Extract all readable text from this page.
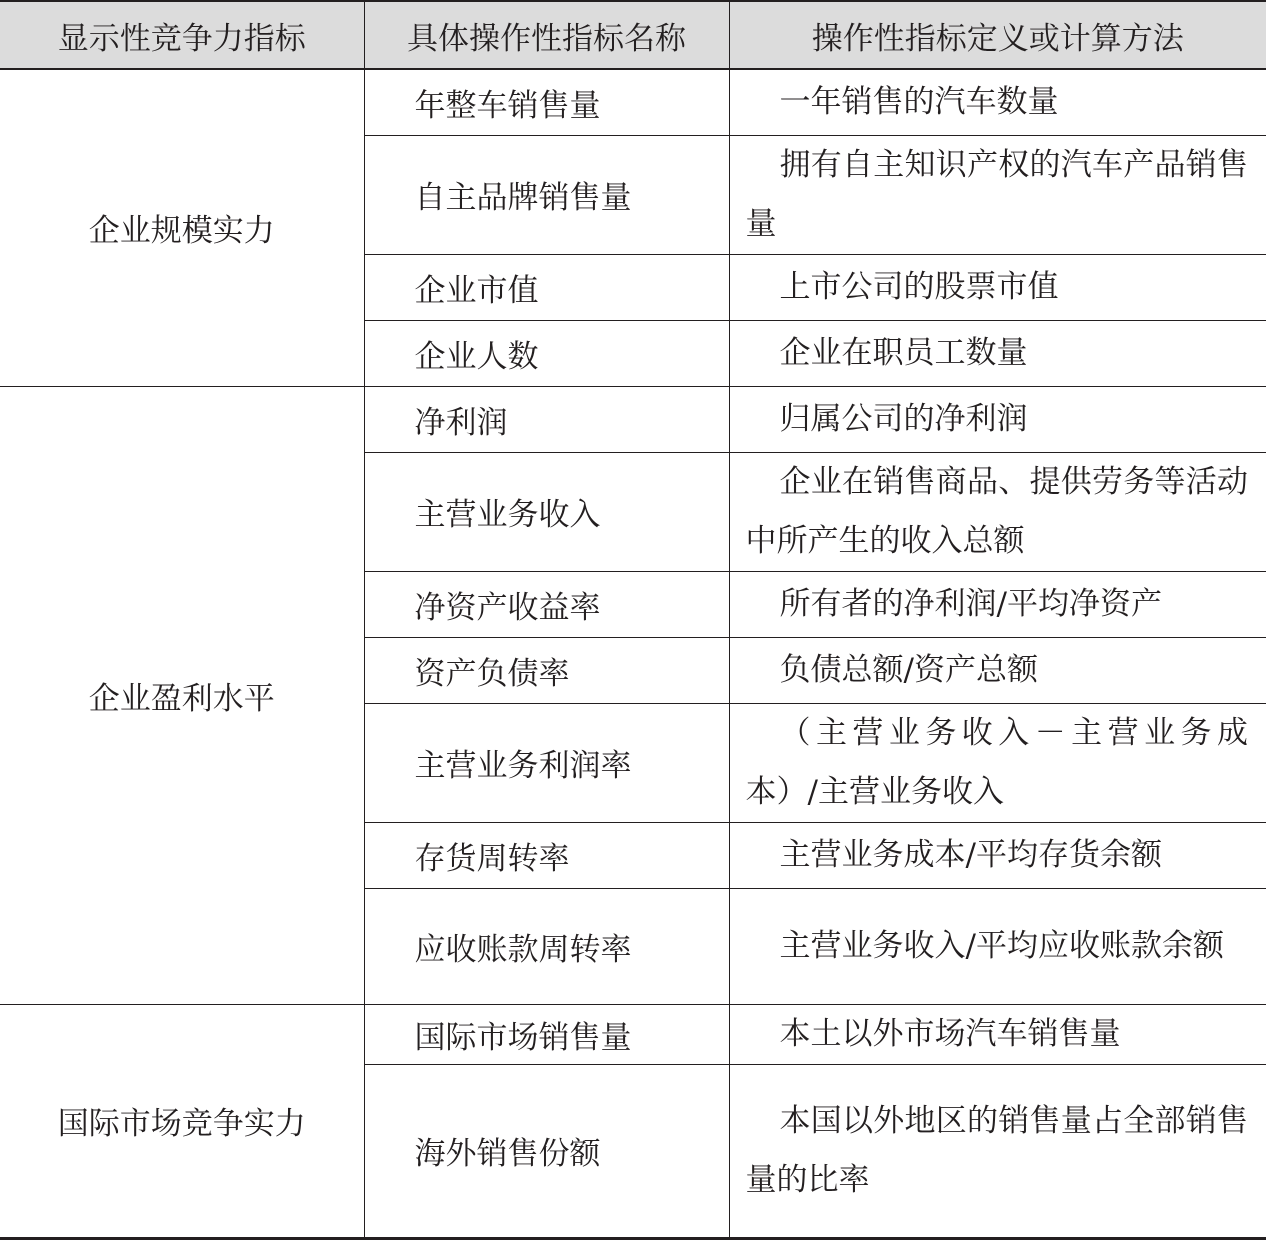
显示性竞争力指标	具体操作性指标名称	操作性指标定义或计算方法
企业规模实力	年整车销售量	一年销售的汽车数量

	自主品牌销售量	拥有自主知识产权的汽车产品销售量

	企业市值	上市公司的股票市值

	企业人数	企业在职员工数量

企业盈利水平	净利润	归属公司的净利润

	主营业务收入	企业在销售商品、提供劳务等活动中所产生的收入总额

	净资产收益率	所有者的净利润/平均净资产

	资产负债率	负债总额/资产总额

	主营业务利润率	（主营业务收入－主营业务成本）/主营业务收入

	存货周转率	主营业务成本/平均存货余额

	应收账款周转率	主营业务收入/平均应收账款余额

国际市场竞争实力	国际市场销售量	本土以外市场汽车销售量

	海外销售份额	本国以外地区的销售量占全部销售量的比率
